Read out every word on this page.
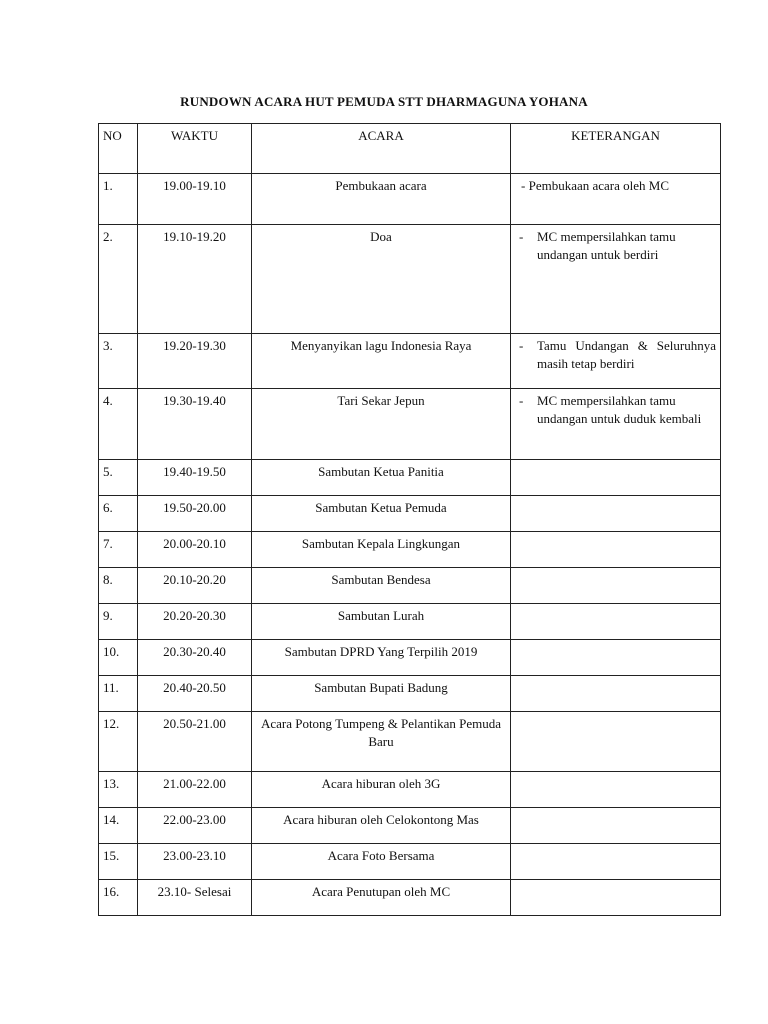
RUNDOWN ACARA HUT PEMUDA STT DHARMAGUNA YOHANA
NO	WAKTU	ACARA	KETERANGAN
1.	19.00-19.10	Pembukaan acara	- Pembukaan acara oleh MC
2.	19.10-19.20	Doa	- MC mempersilahkan tamu undangan untuk berdiri

3.	19.20-19.30	Menyanyikan lagu Indonesia Raya	- Tamu Undangan & Seluruhnya masih tetap berdiri

4.	19.30-19.40	Tari Sekar Jepun	- MC mempersilahkan tamu undangan untuk duduk kembali

5.	19.40-19.50	Sambutan Ketua Panitia	
6.	19.50-20.00	Sambutan Ketua Pemuda	
7.	20.00-20.10	Sambutan Kepala Lingkungan	
8.	20.10-20.20	Sambutan Bendesa	
9.	20.20-20.30	Sambutan Lurah	
10.	20.30-20.40	Sambutan DPRD Yang Terpilih 2019	
11.	20.40-20.50	Sambutan Bupati Badung	
12.	20.50-21.00	Acara Potong Tumpeng & Pelantikan Pemuda Baru	
13.	21.00-22.00	Acara hiburan oleh 3G	
14.	22.00-23.00	Acara hiburan oleh Celokontong Mas	
15.	23.00-23.10	Acara Foto Bersama	
16.	23.10- Selesai	Acara Penutupan oleh MC	
